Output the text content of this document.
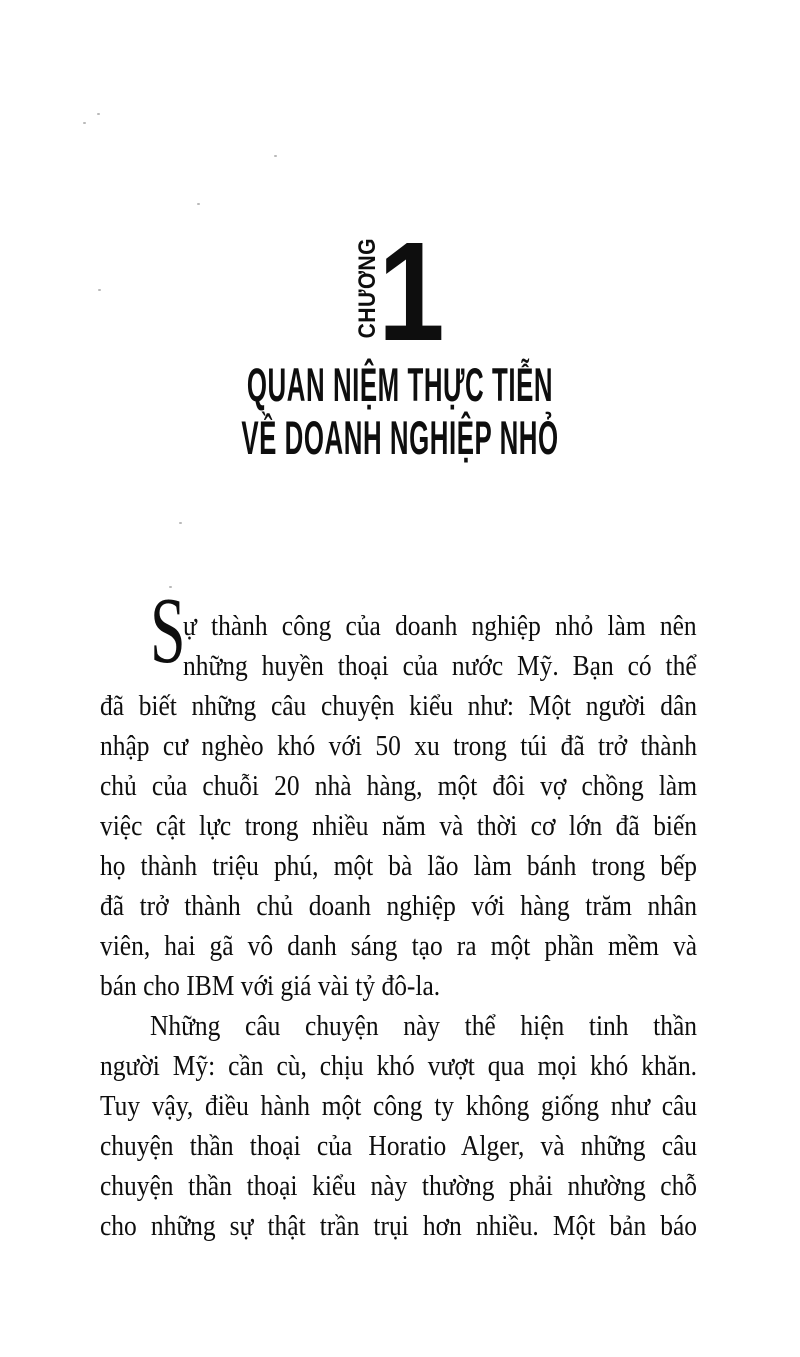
CHƯƠNG
1
QUAN NIỆM THỰC TIỄN
VỀ DOANH NGHIỆP NHỎ
S
ự thành công của doanh nghiệp nhỏ làm nên
những huyền thoại của nước Mỹ. Bạn có thể
đã biết những câu chuyện kiểu như: Một người dân
nhập cư nghèo khó với 50 xu trong túi đã trở thành
chủ của chuỗi 20 nhà hàng, một đôi vợ chồng làm
việc cật lực trong nhiều năm và thời cơ lớn đã biến
họ thành triệu phú, một bà lão làm bánh trong bếp
đã trở thành chủ doanh nghiệp với hàng trăm nhân
viên, hai gã vô danh sáng tạo ra một phần mềm và
bán cho IBM với giá vài tỷ đô-la.
Những câu chuyện này thể hiện tinh thần
người Mỹ: cần cù, chịu khó vượt qua mọi khó khăn.
Tuy vậy, điều hành một công ty không giống như câu
chuyện thần thoại của Horatio Alger, và những câu
chuyện thần thoại kiểu này thường phải nhường chỗ
cho những sự thật trần trụi hơn nhiều. Một bản báo
